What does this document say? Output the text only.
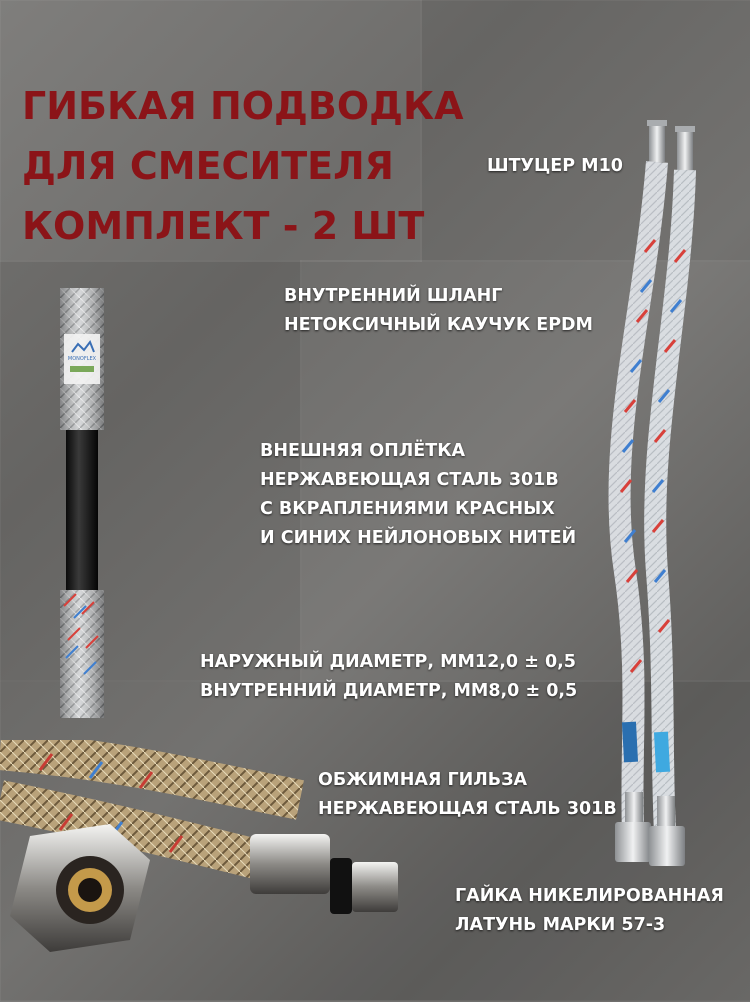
ГИБКАЯ ПОДВОДКА
ДЛЯ СМЕСИТЕЛЯ
КОМПЛЕКТ - 2 ШТ
MONOFLEX
ШТУЦЕР М10
ВНУТРЕННИЙ ШЛАНГ
НЕТОКСИЧНЫЙ КАУЧУК EPDM
ВНЕШНЯЯ ОПЛЁТКА
НЕРЖАВЕЮЩАЯ СТАЛЬ 301B
С ВКРАПЛЕНИЯМИ КРАСНЫХ
И СИНИХ НЕЙЛОНОВЫХ НИТЕЙ
НАРУЖНЫЙ ДИАМЕТР, ММ12,0 ± 0,5
ВНУТРЕННИЙ ДИАМЕТР, ММ8,0 ± 0,5
ОБЖИМНАЯ ГИЛЬЗА
НЕРЖАВЕЮЩАЯ СТАЛЬ 301B
ГАЙКА НИКЕЛИРОВАННАЯ
ЛАТУНЬ МАРКИ 57-3
